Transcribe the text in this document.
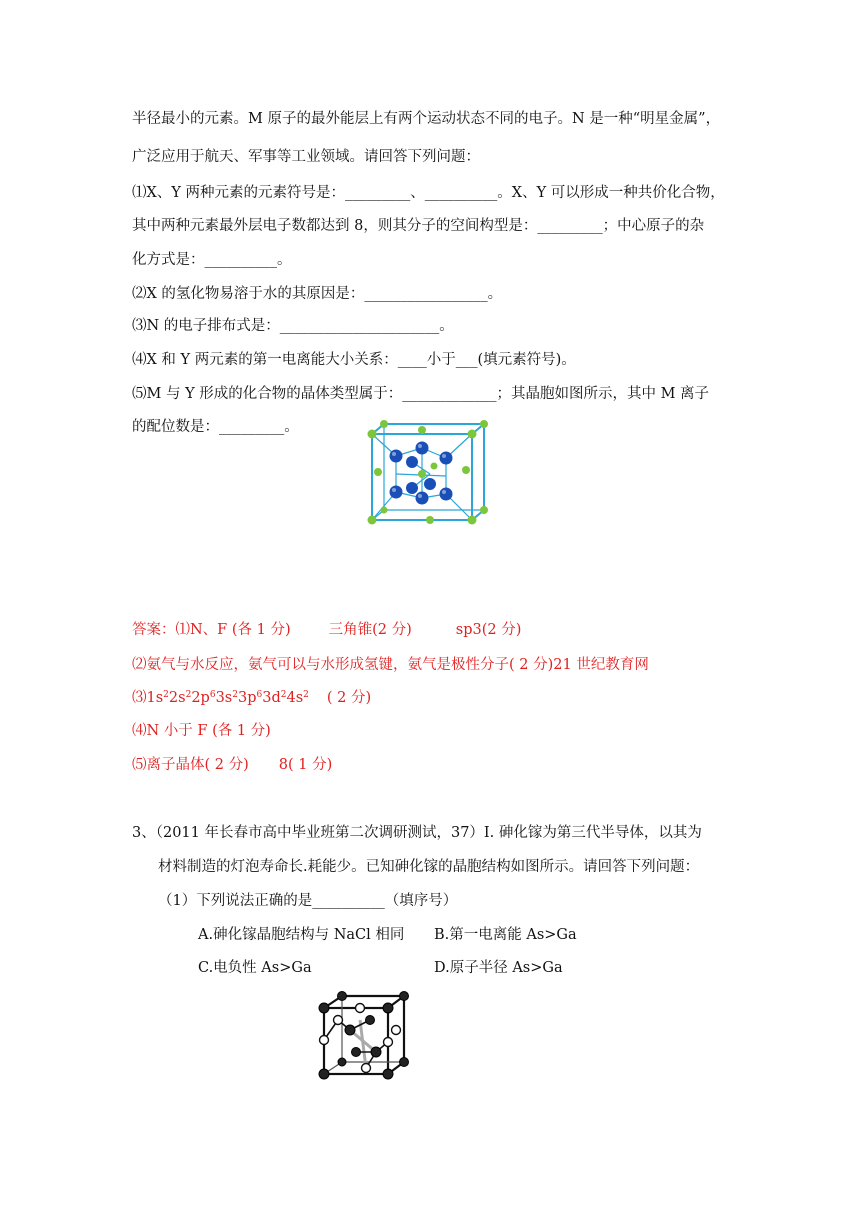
半径最小的元素。M 原子的最外能层上有两个运动状态不同的电子。N 是一种“明星金属”，
广泛应用于航天、军事等工业领域。请回答下列问题：
⑴X、Y 两种元素的元素符号是：_________、__________。X、Y 可以形成一种共价化合物，
其中两种元素最外层电子数都达到 8，则其分子的空间构型是：_________；中心原子的杂
化方式是：__________。
⑵X 的氢化物易溶于水的其原因是：_________________。
⑶N 的电子排布式是：______________________。
⑷X 和 Y 两元素的第一电离能大小关系：____小于___(填元素符号)。
⑸M 与 Y 形成的化合物的晶体类型属于：_____________；其晶胞如图所示，其中 M 离子
的配位数是：_________。
答案：⑴N、F (各 1 分)	三角锥(2 分)	sp3(2 分)
⑵氨气与水反应，氨气可以与水形成氢键，氨气是极性分子( 2 分)21 世纪教育网
$⑶1s^22s^22p^63s^23p^63d^24s^2$ ( 2 分)
⑷N 小于 F (各 1 分)
⑸离子晶体( 2 分) 8( 1 分)
3、（2011 年长春市高中毕业班第二次调研测试，37）Ⅰ. 砷化镓为第三代半导体，以其为
材料制造的灯泡寿命长.耗能少。已知砷化镓的晶胞结构如图所示。请回答下列问题：
（1）下列说法正确的是__________（填序号）
A.砷化镓晶胞结构与 NaCl 相同 B.第一电离能 As>Ga
C.电负性 As>Ga	D.原子半径 As>Ga
